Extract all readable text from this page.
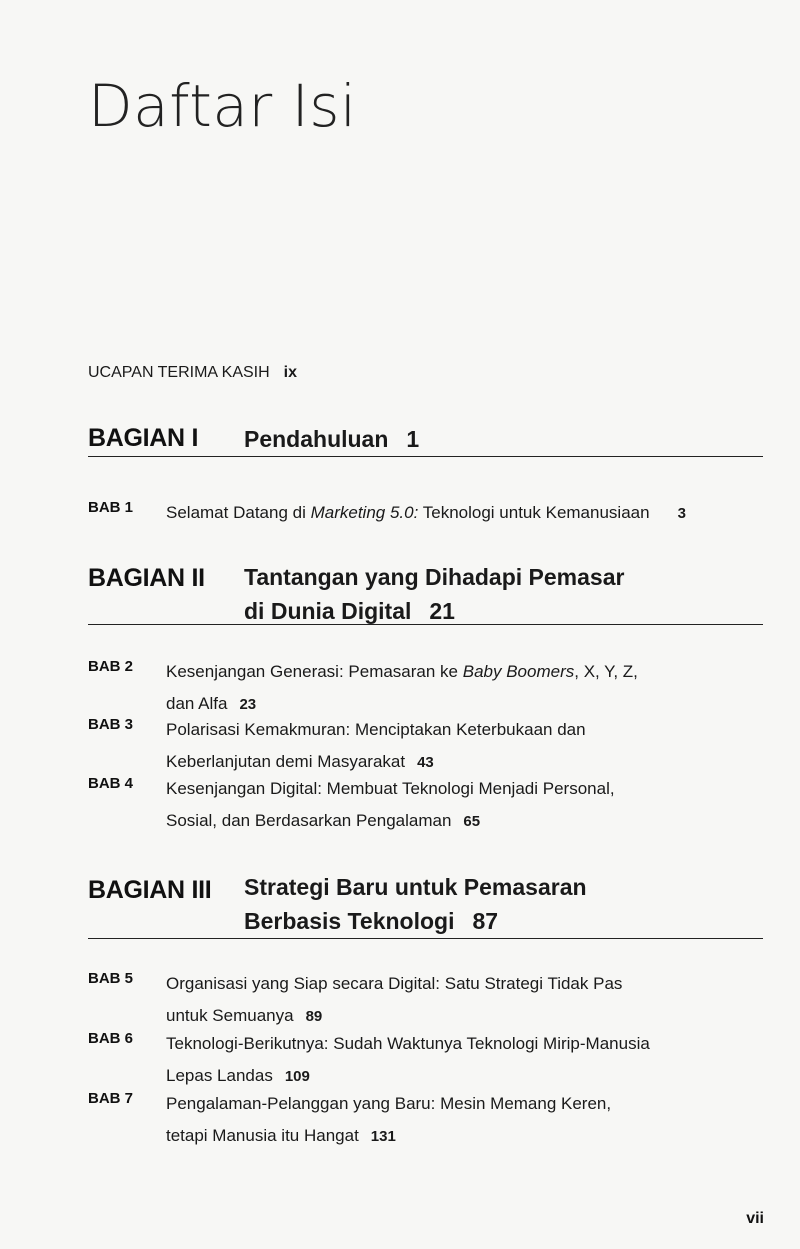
Daftar Isi
UCAPAN TERIMA KASIH ix
BAGIAN I Pendahuluan 1
BAB 1 Selamat Datang di Marketing 5.0: Teknologi untuk Kemanusiaan 3
BAGIAN II Tantangan yang Dihadapi Pemasar
di Dunia Digital 21
BAB 2 Kesenjangan Generasi: Pemasaran ke Baby Boomers, X, Y, Z,
dan Alfa 23
BAB 3 Polarisasi Kemakmuran: Menciptakan Keterbukaan dan
Keberlanjutan demi Masyarakat 43
BAB 4 Kesenjangan Digital: Membuat Teknologi Menjadi Personal,
Sosial, dan Berdasarkan Pengalaman 65
BAGIAN III Strategi Baru untuk Pemasaran
Berbasis Teknologi 87
BAB 5 Organisasi yang Siap secara Digital: Satu Strategi Tidak Pas
untuk Semuanya 89
BAB 6 Teknologi-Berikutnya: Sudah Waktunya Teknologi Mirip-Manusia
Lepas Landas 109
BAB 7 Pengalaman-Pelanggan yang Baru: Mesin Memang Keren,
tetapi Manusia itu Hangat 131
vii
